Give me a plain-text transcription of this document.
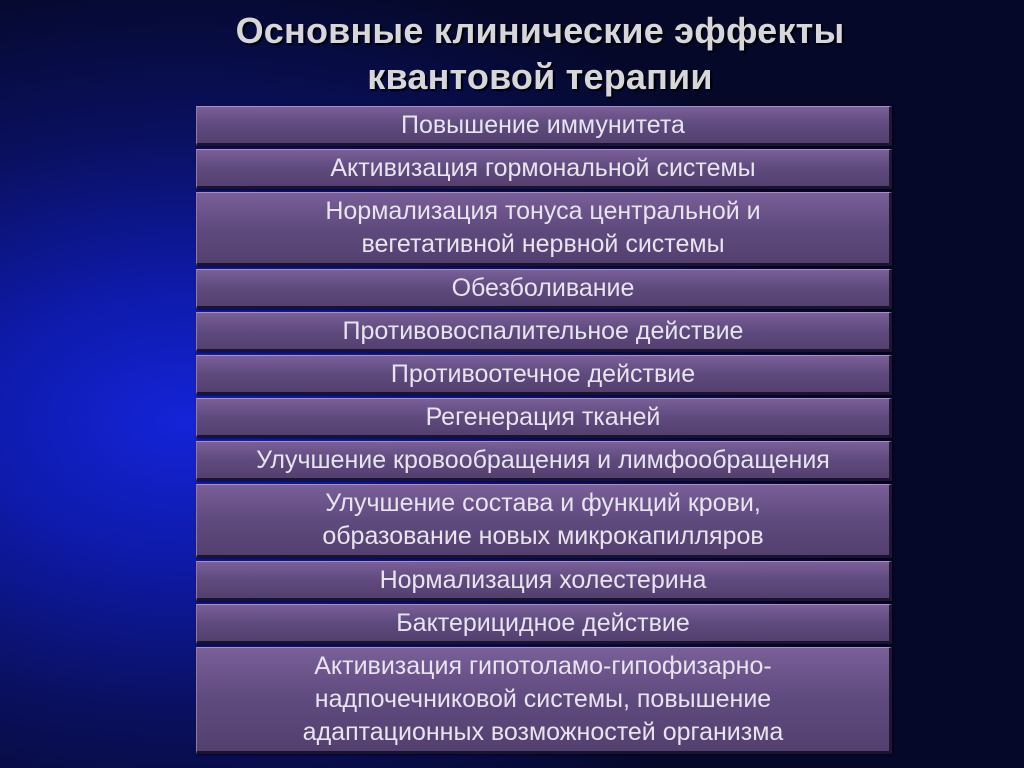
Основные клинические эффекты
квантовой терапии
Повышение иммунитета
Активизация гормональной системы
Нормализация тонуса центральной и
вегетативной нервной системы
Обезболивание
Противовоспалительное действие
Противоотечное действие
Регенерация тканей
Улучшение кровообращения и лимфообращения
Улучшение состава и функций крови,
образование новых микрокапилляров
Нормализация холестерина
Бактерицидное действие
Активизация гипотоламо-гипофизарно-
надпочечниковой системы, повышение
адаптационных возможностей организма
